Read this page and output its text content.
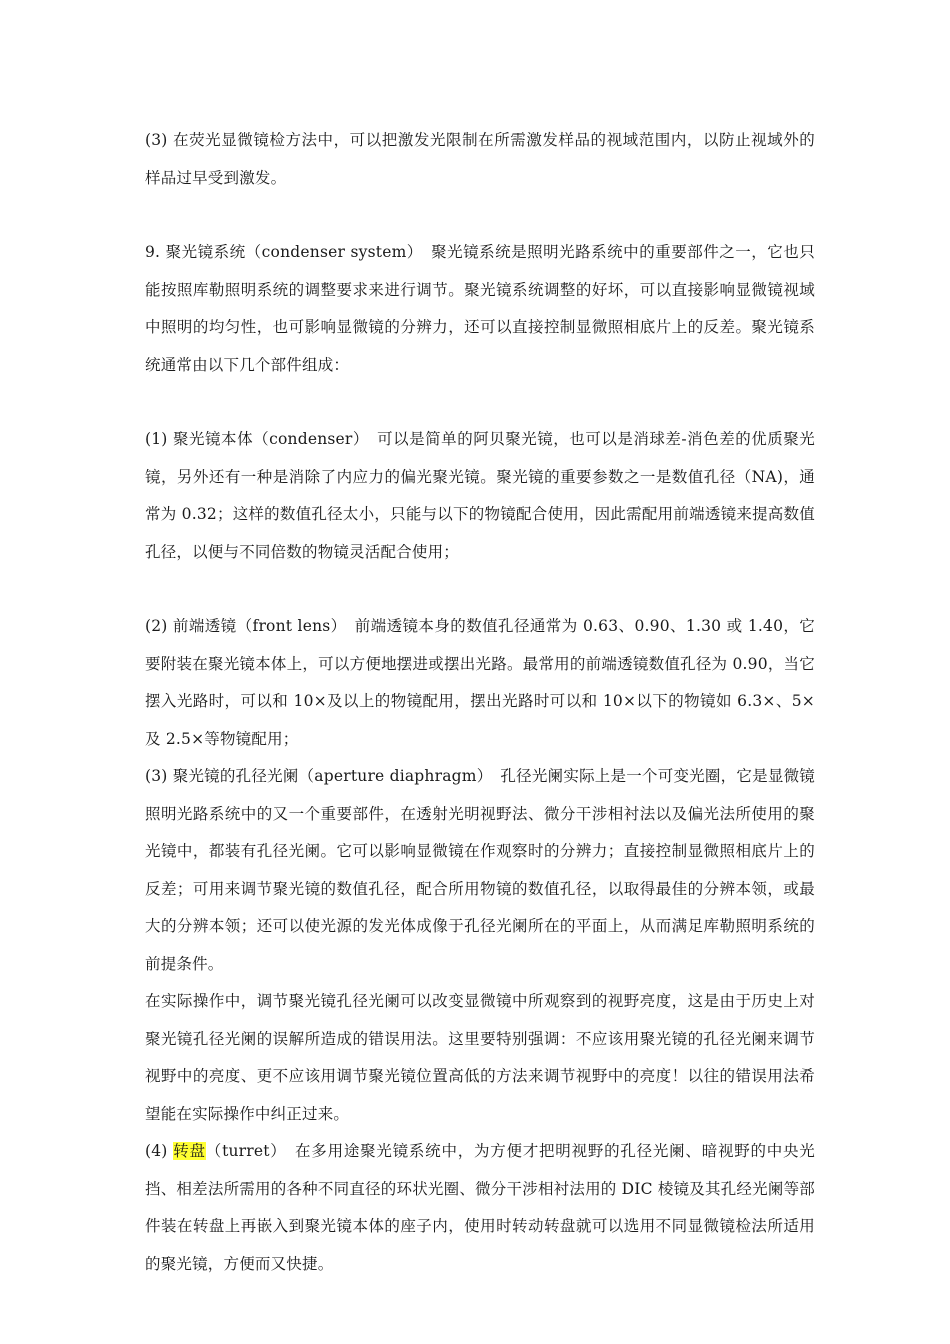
(3) 在荧光显微镜检方法中，可以把激发光限制在所需激发样品的视域范围内，以防止视域外的样品过早受到激发。

9. 聚光镜系统（condenser system）　聚光镜系统是照明光路系统中的重要部件之一，它也只能按照库勒照明系统的调整要求来进行调节。聚光镜系统调整的好坏，可以直接影响显微镜视域中照明的均匀性，也可影响显微镜的分辨力，还可以直接控制显微照相底片上的反差。聚光镜系统通常由以下几个部件组成：

(1) 聚光镜本体（condenser）　可以是简单的阿贝聚光镜，也可以是消球差-消色差的优质聚光镜，另外还有一种是消除了内应力的偏光聚光镜。聚光镜的重要参数之一是数值孔径（NA)，通常为 0.32；这样的数值孔径太小，只能与以下的物镜配合使用，因此需配用前端透镜来提高数值孔径，以便与不同倍数的物镜灵活配合使用；

(2) 前端透镜（front lens）　前端透镜本身的数值孔径通常为 0.63、0.90、1.30 或 1.40，它要附装在聚光镜本体上，可以方便地摆进或摆出光路。最常用的前端透镜数值孔径为 0.90，当它摆入光路时，可以和 10×及以上的物镜配用，摆出光路时可以和 10×以下的物镜如 6.3×、5×及 2.5×等物镜配用；

(3) 聚光镜的孔径光阑（aperture diaphragm）　孔径光阑实际上是一个可变光圈，它是显微镜照明光路系统中的又一个重要部件，在透射光明视野法、微分干涉相衬法以及偏光法所使用的聚光镜中，都装有孔径光阑。它可以影响显微镜在作观察时的分辨力；直接控制显微照相底片上的反差；可用来调节聚光镜的数值孔径，配合所用物镜的数值孔径，以取得最佳的分辨本领，或最大的分辨本领；还可以使光源的发光体成像于孔径光阑所在的平面上，从而满足库勒照明系统的前提条件。

在实际操作中，调节聚光镜孔径光阑可以改变显微镜中所观察到的视野亮度，这是由于历史上对聚光镜孔径光阑的误解所造成的错误用法。这里要特别强调：不应该用聚光镜的孔径光阑来调节视野中的亮度、更不应该用调节聚光镜位置高低的方法来调节视野中的亮度！以往的错误用法希望能在实际操作中纠正过来。

(4) 转盘（turret）　在多用途聚光镜系统中，为方便才把明视野的孔径光阑、暗视野的中央光挡、相差法所需用的各种不同直径的环状光圈、微分干涉相衬法用的 DIC 棱镜及其孔经光阑等部件装在转盘上再嵌入到聚光镜本体的座子内，使用时转动转盘就可以选用不同显微镜检法所适用的聚光镜，方便而又快捷。
